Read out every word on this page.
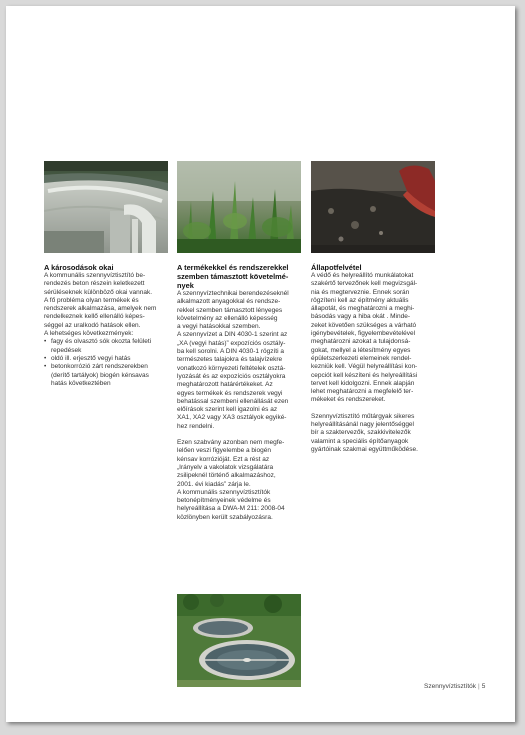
A károsodások okai

A kommunális szennyvíztisztító be-

rendezés beton részein keletkezett

sérüléseknek különböző okai vannak.

A fő probléma olyan termékek és

rendszerek alkalmazása, amelyek nem

rendelkeznek kellő ellenálló képes-

séggel az uralkodó hatások ellen.

A lehetséges következmények:

• fagy és olvasztó sók okozta felületi
repedések
• oldó ill. erjesztő vegyi hatás
• betonkorrózió zárt rendszerekben
(derítő tartályok) biogén kénsavas
hatás következtében
A termékekkel és rendszerekkel
szemben támasztott követelmé-
nyek

A szennyvíztechnikai berendezéseknél

alkalmazott anyagokkal és rendsze-

rekkel szemben támasztott lényeges

követelmény az ellenálló képesség

a vegyi hatásokkal szemben.

A szennyvízet a DIN 4030-1 szerint az

„XA (vegyi hatás)” expozíciós osztály-

ba kell sorolni. A DIN 4030-1 rögzíti a

természetes talajokra és talajvízekre

vonatkozó környezeti feltételek osztá-

lyozását és az expozíciós osztályokra

meghatározott határértékeket. Az

egyes termékek és rendszerek vegyi

behatással szembeni ellenállását ezen

előírások szerint kell igazolni és az

XA1, XA2 vagy XA3 osztályok egyiké-

hez rendelni.

Ezen szabvány azonban nem megfe-

lelően veszi figyelembe a biogén

kénsav korrózióját. Ezt a rést az

„Irányelv a vakolatok vizsgálatára

zsilipeknél történő alkalmazáshoz,

2001. évi kiadás” zárja le.

A kommunális szennyvíztisztítók

betonépítményeinek védelme és

helyreállítása a DWA-M 211: 2008-04

közlönyben került szabályozásra.

Állapotfelvétel

A védő és helyreállító munkálatokat

szakértő tervezőnek kell megvizsgál-

nia és megterveznie. Ennek során

rögzíteni kell az építmény aktuális

állapotát, és meghatározni a meghi-

básodás vagy a hiba okát . Minde-

zeket követően szükséges a várható

igénybevételek, figyelembevételével

meghatározni azokat a tulajdonsá-

gokat, mellyel a létesítmény egyes

épületszerkezeti elemeinek rendel-

kezniük kell. Végül helyreállítási kon-

cepciót kell készíteni és helyreállítási

tervet kell kidolgozni. Ennek alapján

lehet meghatározni a megfelelő ter-

mékeket és rendszereket.

Szennyvíztisztító műtárgyak sikeres

helyreállításánál nagy jelentőséggel

bír a szaktervezők, szakkivitelezők

valamint a speciális építőanyagok

gyártóinak szakmai együttműködése.

Szennyvíztisztítók | 5
